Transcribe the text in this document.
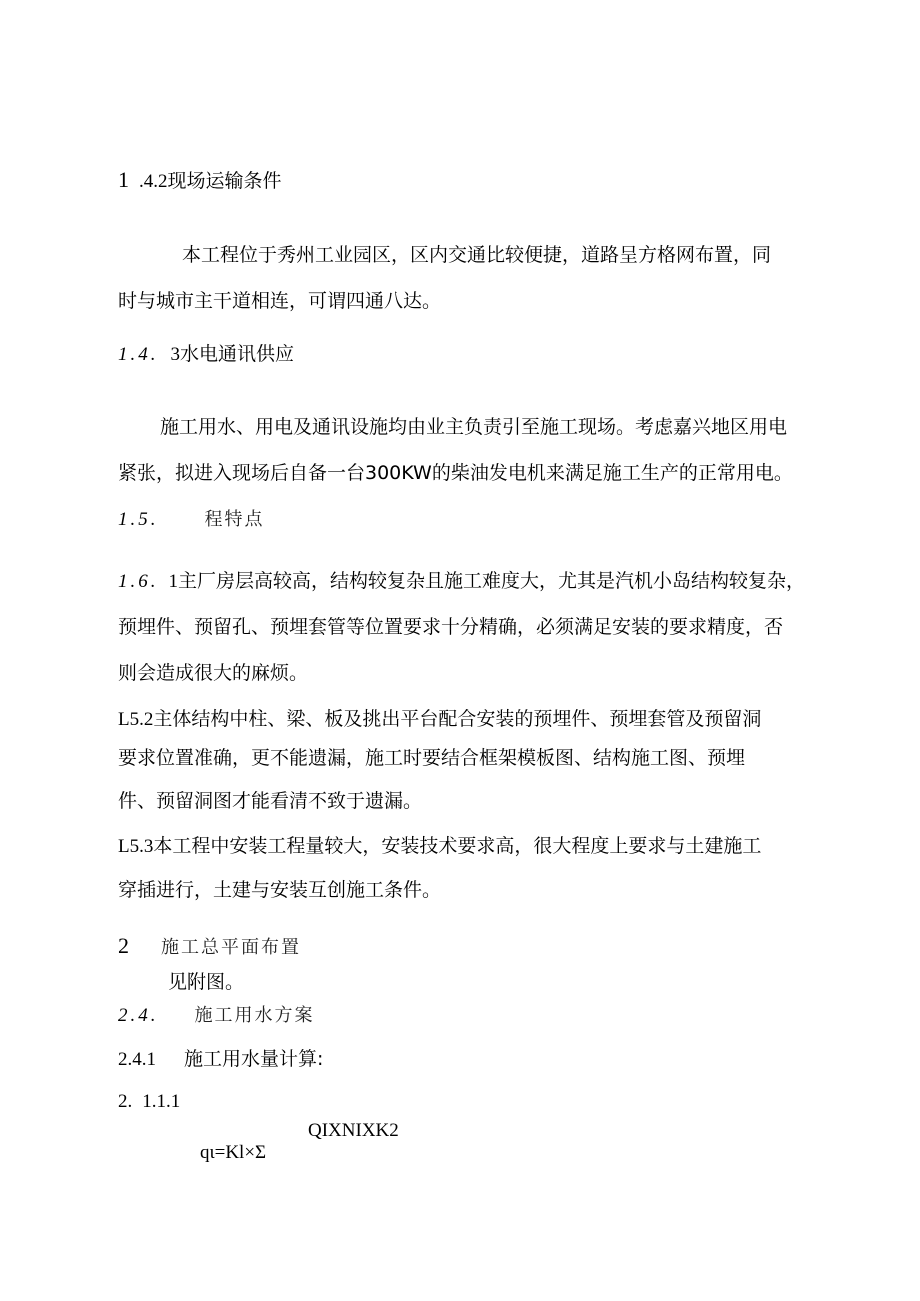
1 .4.2现场运输条件
本工程位于秀州工业园区，区内交通比较便捷，道路呈方格网布置，同
时与城市主干道相连，可谓四通八达。
1.4. 3水电通讯供应
施工用水、用电及通讯设施均由业主负责引至施工现场。考虑嘉兴地区用电
紧张，拟进入现场后自备一台300KW的柴油发电机来满足施工生产的正常用电。
1.5.	程特点
1.6. 1主厂房层高较高，结构较复杂且施工难度大，尤其是汽机小岛结构较复杂，
预埋件、预留孔、预埋套管等位置要求十分精确，必须满足安装的要求精度，否
则会造成很大的麻烦。
L5.2主体结构中柱、梁、板及挑出平台配合安装的预埋件、预埋套管及预留洞
要求位置准确，更不能遗漏，施工时要结合框架模板图、结构施工图、预埋
件、预留洞图才能看清不致于遗漏。
L5.3本工程中安装工程量较大，安装技术要求高，很大程度上要求与土建施工
穿插进行，土建与安装互创施工条件。
2 施工总平面布置
见附图。
2.4. 施工用水方案
2.4.1 施工用水量计算:
2. 1.1.1
QIXNIXK2
qι=Kl×Σ
